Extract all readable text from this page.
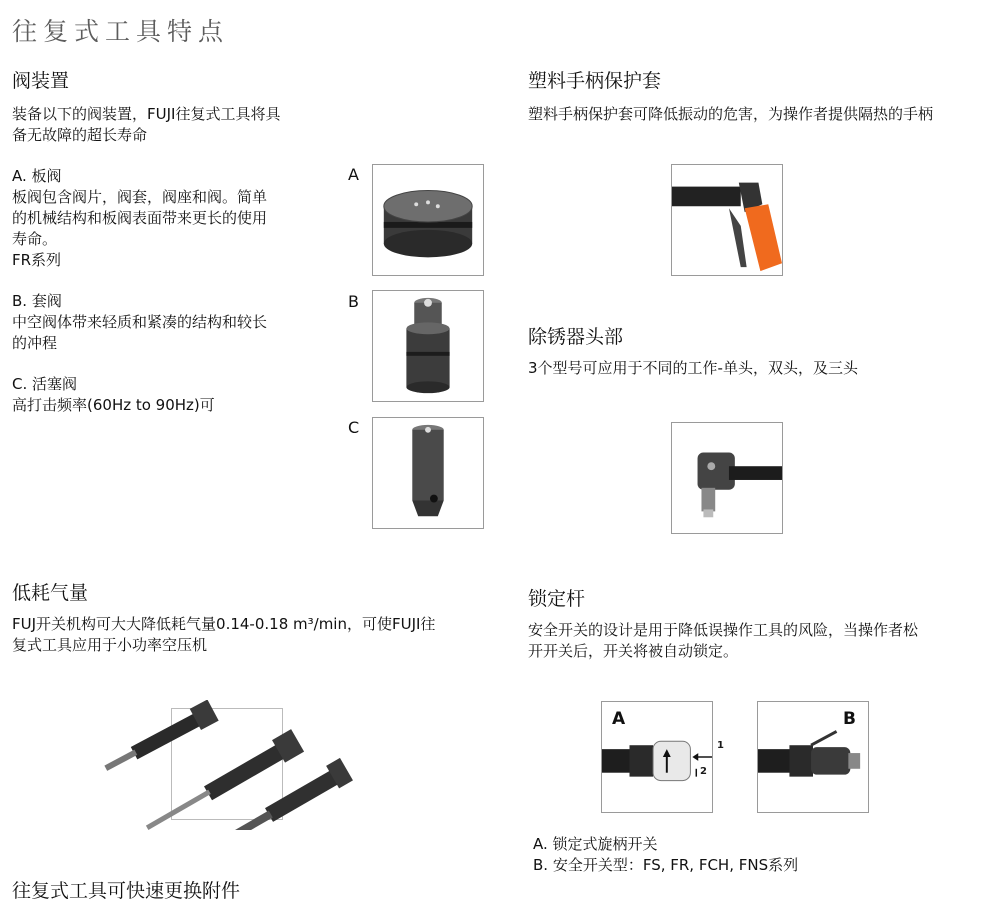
往复式工具特点
阀装置
装备以下的阀装置，FUJI往复式工具将具
备无故障的超长寿命
A. 板阀
板阀包含阀片，阀套，阀座和阀。简单
的机械结构和板阀表面带来更长的使用
寿命。
FR系列
B. 套阀
中空阀体带来轻质和紧凑的结构和较长
的冲程
C. 活塞阀
高打击频率(60Hz to 90Hz)可
A
B
C
塑料手柄保护套
塑料手柄保护套可降低振动的危害，为操作者提供隔热的手柄
除锈器头部
3个型号可应用于不同的工作-单头，双头，及三头
低耗气量
FUJ开关机构可大大降低耗气量0.14-0.18 m³/min，可使FUJI往
复式工具应用于小功率空压机
锁定杆
安全开关的设计是用于降低误操作工具的风险，当操作者松
开开关后，开关将被自动锁定。
A
1
2
B
A. 锁定式旋柄开关
B. 安全开关型：FS, FR, FCH, FNS系列
往复式工具可快速更换附件
